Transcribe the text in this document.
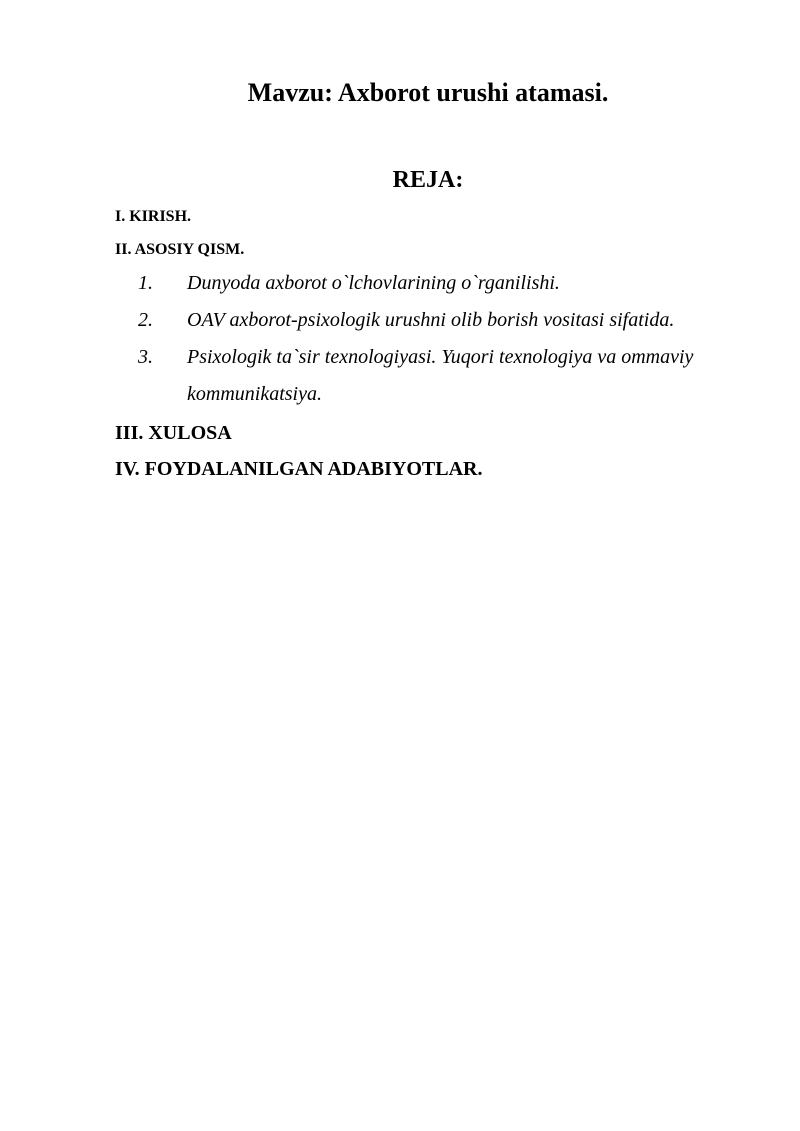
Mavzu: Axborot urushi atamasi.
REJA:
I. KIRISH.
II. ASOSIY QISM.
1. Dunyoda axborot o`lchovlarining o`rganilishi.
2. OAV axborot-psixologik urushni olib borish vositasi sifatida.
3. Psixologik ta`sir texnologiyasi. Yuqori texnologiya va ommaviy kommunikatsiya.
III. XULOSA
IV. FOYDALANILGAN ADABIYOTLAR.
